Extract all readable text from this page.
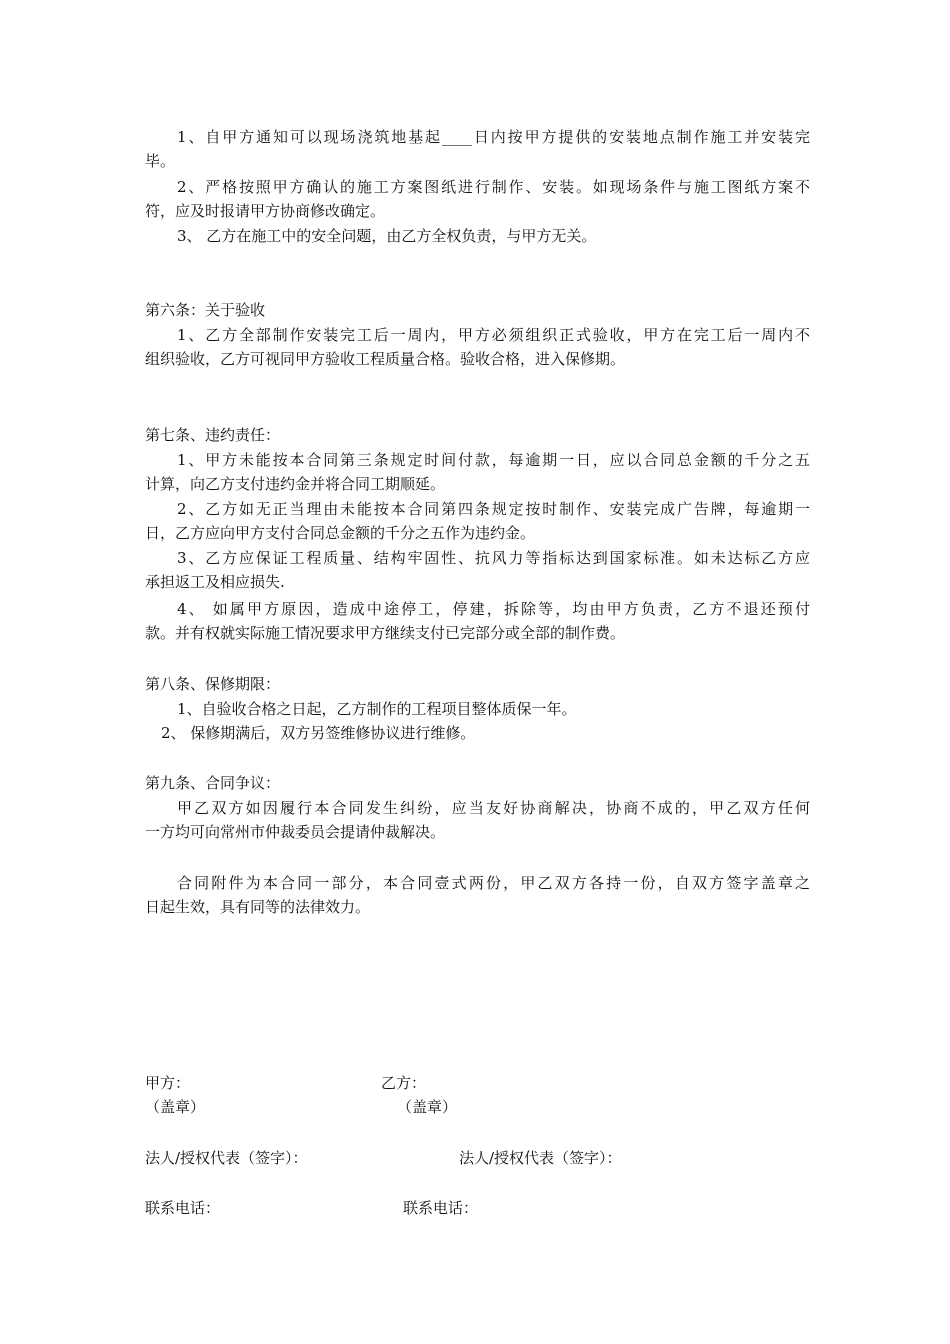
1、自甲方通知可以现场浇筑地基起____日内按甲方提供的安装地点制作施工并安装完
毕。
2、严格按照甲方确认的施工方案图纸进行制作、安装。如现场条件与施工图纸方案不
符，应及时报请甲方协商修改确定。
3、 乙方在施工中的安全问题，由乙方全权负责，与甲方无关。
第六条：关于验收
1、乙方全部制作安装完工后一周内，甲方必须组织正式验收，甲方在完工后一周内不
组织验收，乙方可视同甲方验收工程质量合格。验收合格，进入保修期。
第七条、违约责任：
1、甲方未能按本合同第三条规定时间付款，每逾期一日，应以合同总金额的千分之五
计算，向乙方支付违约金并将合同工期顺延。
2、乙方如无正当理由未能按本合同第四条规定按时制作、安装完成广告牌，每逾期一
日，乙方应向甲方支付合同总金额的千分之五作为违约金。
3、乙方应保证工程质量、结构牢固性、抗风力等指标达到国家标准。如未达标乙方应
承担返工及相应损失.
4、 如属甲方原因，造成中途停工，停建，拆除等，均由甲方负责，乙方不退还预付
款。并有权就实际施工情况要求甲方继续支付已完部分或全部的制作费。
第八条、保修期限：
1、自验收合格之日起，乙方制作的工程项目整体质保一年。
2、 保修期满后，双方另签维修协议进行维修。
第九条、合同争议：
甲乙双方如因履行本合同发生纠纷，应当友好协商解决，协商不成的，甲乙双方任何
一方均可向常州市仲裁委员会提请仲裁解决。
合同附件为本合同一部分，本合同壹式两份，甲乙双方各持一份，自双方签字盖章之
日起生效，具有同等的法律效力。
甲方：	乙方：
（盖章）	（盖章）
法人/授权代表（签字）：	法人/授权代表（签字）：
联系电话：	联系电话：
